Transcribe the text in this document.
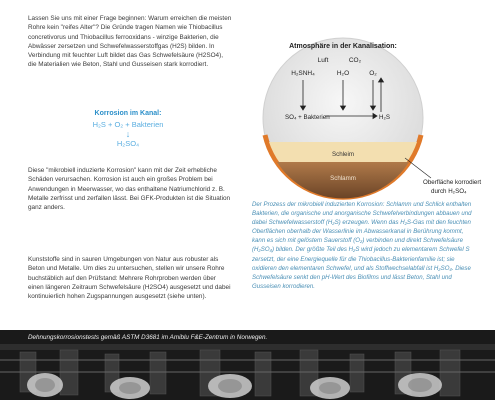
Lassen Sie uns mit einer Frage beginnen: Warum erreichen die meisten Rohre kein "reifes Alter"? Die Gründe tragen Namen wie Thiobacillus concretivorus und Thiobacillus ferrooxidans - winzige Bakterien, die Abwässer zersetzen und Schwefelwasserstoffgas (H2S) bilden. In Verbindung mit feuchter Luft bildet das Gas Schwefelsäure (H2SO4), die Materialien wie Beton, Stahl und Gusseisen stark korrodiert.

Korrosion im Kanal:
H₂S + O₂ + Bakterien
↓
H₂SO₄

Diese "mikrobiell induzierte Korrosion" kann mit der Zeit erhebliche Schäden verursachen. Korrosion ist auch ein großes Problem bei Anwendungen in Meerwasser, wo das enthaltene Natriumchlorid z. B. Metalle zerfrisst und zerfallen lässt. Bei GFK-Produkten ist die Situation ganz anders.

Kunststoffe sind in sauren Umgebungen von Natur aus robuster als Beton und Metalle. Um dies zu untersuchen, stellen wir unsere Rohre buchstäblich auf den Prüfstand: Mehrere Rohrproben werden über einen längeren Zeitraum Schwefelsäure (H2SO4) ausgesetzt und dabei kontinuierlich hohen Zugspannungen ausgesetzt (siehe unten).

Atmosphäre in der Kanalisation:
Luft	CO₂
H₂SNH₄	H₂O	O₂
SO₄ + Bakterien	H₂S
Schleim
Schlamm
Oberfläche korrodiert
durch H₂SO₄
Der Prozess der mikrobiell induzierten Korrosion: Schlamm und Schlick enthalten Bakterien, die organische und anorganische Schwefelverbindungen abbauen und dabei Schwefelwasserstoff (H₂S) erzeugen. Wenn das H₂S-Gas mit den feuchten Oberflächen oberhalb der Wasserlinie im Abwasserkanal in Berührung kommt, kann es sich mit gelöstem Sauerstoff (O₂) verbinden und direkt Schwefelsäure (H₂SO₄) bilden. Der größte Teil des H₂S wird jedoch zu elementarem Schwefel S zersetzt, der eine Energiequelle für die Thiobacillus-Bakterienfamilie ist; sie oxidieren den elementaren Schwefel, und als Stoffwechselabfall ist H₂SO₄. Diese Schwefelsäure senkt den pH-Wert des Biofilms und lässt Beton, Stahl und Gusseisen korrodieren.
Dehnungskorrosionstests gemäß ASTM D3681 im Amiblu F&E-Zentrum in Norwegen.
